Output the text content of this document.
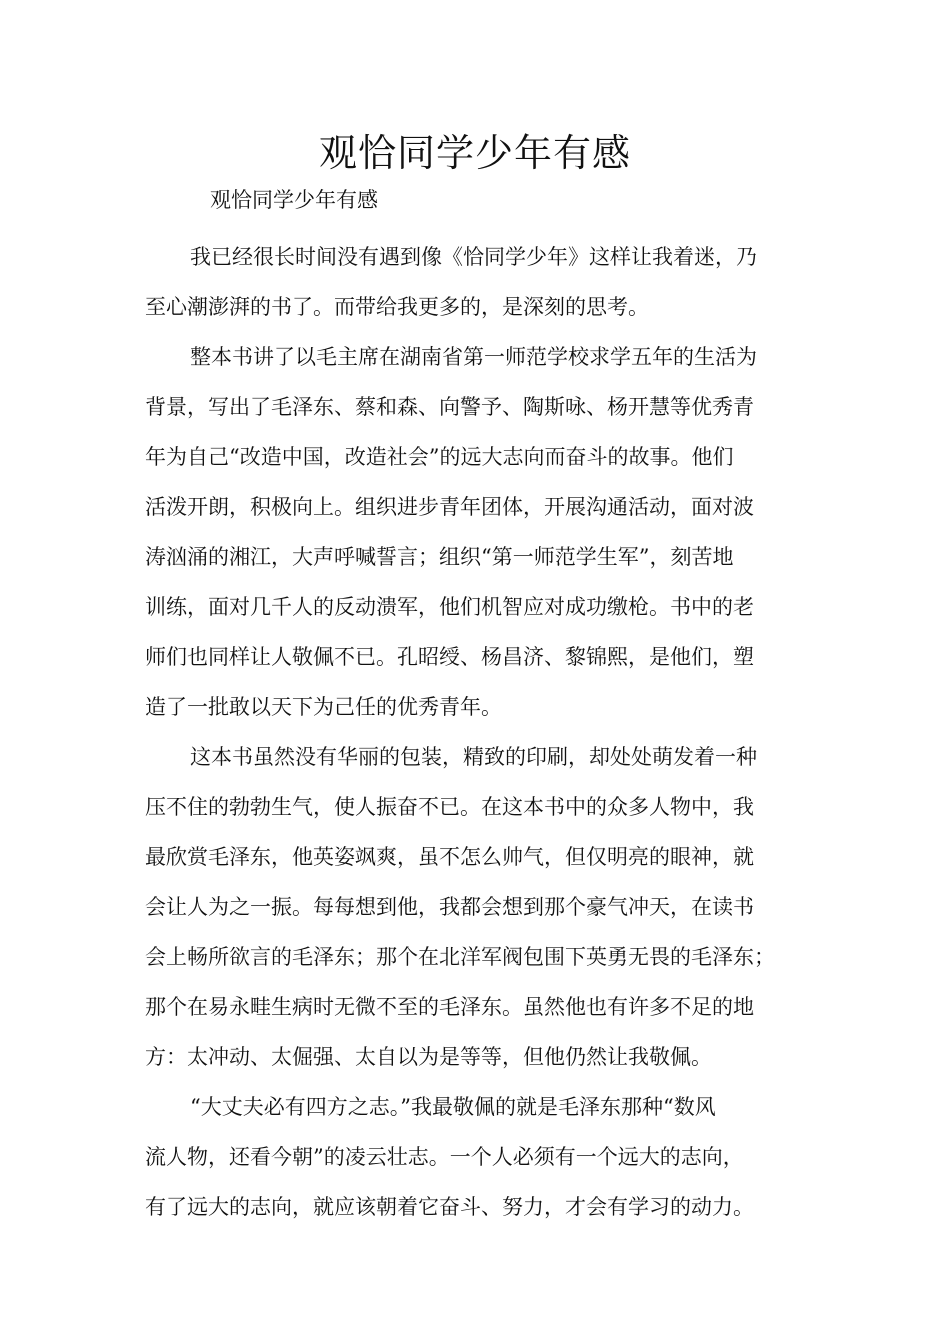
观恰同学少年有感

观恰同学少年有感

我已经很长时间没有遇到像《恰同学少年》这样让我着迷，乃
至心潮澎湃的书了。而带给我更多的，是深刻的思考。

整本书讲了以毛主席在湖南省第一师范学校求学五年的生活为
背景，写出了毛泽东、蔡和森、向警予、陶斯咏、杨开慧等优秀青
年为自己“改造中国，改造社会”的远大志向而奋斗的故事。他们
活泼开朗，积极向上。组织进步青年团体，开展沟通活动，面对波
涛汹涌的湘江，大声呼喊誓言；组织“第一师范学生军”，刻苦地
训练，面对几千人的反动溃军，他们机智应对成功缴枪。书中的老
师们也同样让人敬佩不已。孔昭绶、杨昌济、黎锦熙，是他们，塑
造了一批敢以天下为己任的优秀青年。

这本书虽然没有华丽的包装，精致的印刷，却处处萌发着一种
压不住的勃勃生气，使人振奋不已。在这本书中的众多人物中，我
最欣赏毛泽东，他英姿飒爽，虽不怎么帅气，但仅明亮的眼神，就
会让人为之一振。每每想到他，我都会想到那个豪气冲天，在读书
会上畅所欲言的毛泽东；那个在北洋军阀包围下英勇无畏的毛泽东；
那个在易永畦生病时无微不至的毛泽东。虽然他也有许多不足的地
方：太冲动、太倔强、太自以为是等等，但他仍然让我敬佩。

“大丈夫必有四方之志。”我最敬佩的就是毛泽东那种“数风
流人物，还看今朝”的凌云壮志。一个人必须有一个远大的志向，
有了远大的志向，就应该朝着它奋斗、努力，才会有学习的动力。
